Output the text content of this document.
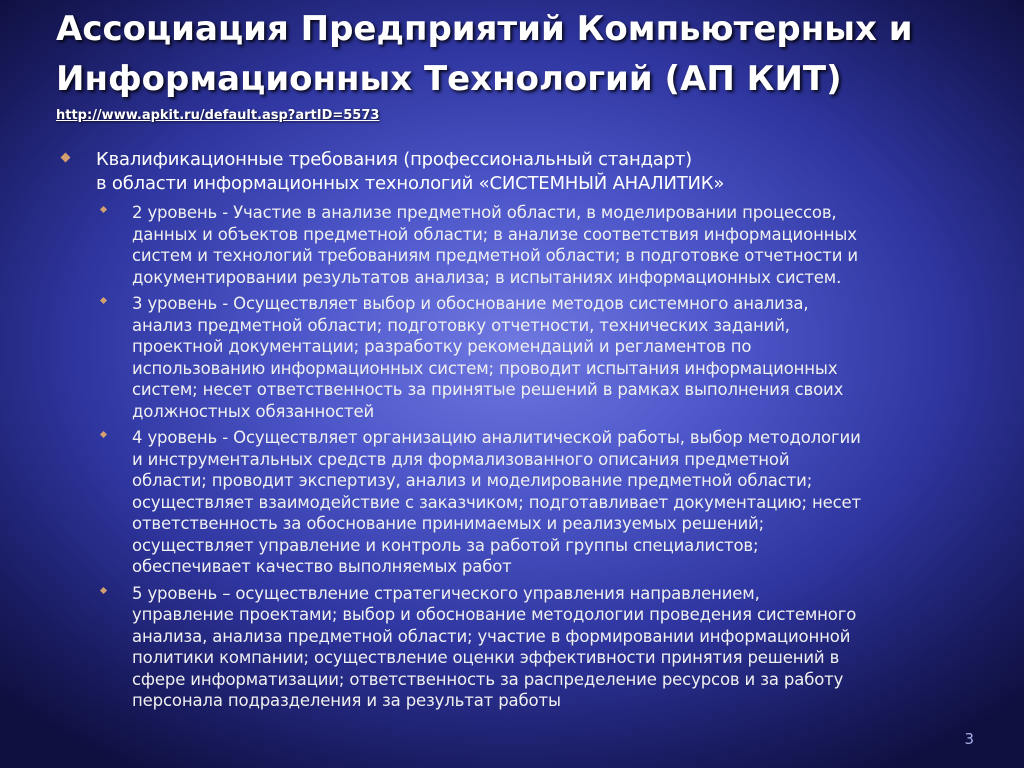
Ассоциация Предприятий Компьютерных и
Информационных Технологий (АП КИТ)
http://www.apkit.ru/default.asp?artID=5573
Квалификационные требования (профессиональный стандарт)
в области информационных технологий «СИСТЕМНЫЙ АНАЛИТИК»
2 уровень - Участие в анализе предметной области, в моделировании процессов,
данных и объектов предметной области; в анализе соответствия информационных
систем и технологий требованиям предметной области; в подготовке отчетности и
документировании результатов анализа; в испытаниях информационных систем.
3 уровень - Осуществляет выбор и обоснование методов системного анализа,
анализ предметной области; подготовку отчетности, технических заданий,
проектной документации; разработку рекомендаций и регламентов по
использованию информационных систем; проводит испытания информационных
систем; несет ответственность за принятые решений в рамках выполнения своих
должностных обязанностей
4 уровень - Осуществляет организацию аналитической работы, выбор методологии
и инструментальных средств для формализованного описания предметной
области; проводит экспертизу, анализ и моделирование предметной области;
осуществляет взаимодействие с заказчиком; подготавливает документацию; несет
ответственность за обоснование принимаемых и реализуемых решений;
осуществляет управление и контроль за работой группы специалистов;
обеспечивает качество выполняемых работ
5 уровень – осуществление стратегического управления направлением,
управление проектами; выбор и обоснование методологии проведения системного
анализа, анализа предметной области; участие в формировании информационной
политики компании; осуществление оценки эффективности принятия решений в
сфере информатизации; ответственность за распределение ресурсов и за работу
персонала подразделения и за результат работы
3
